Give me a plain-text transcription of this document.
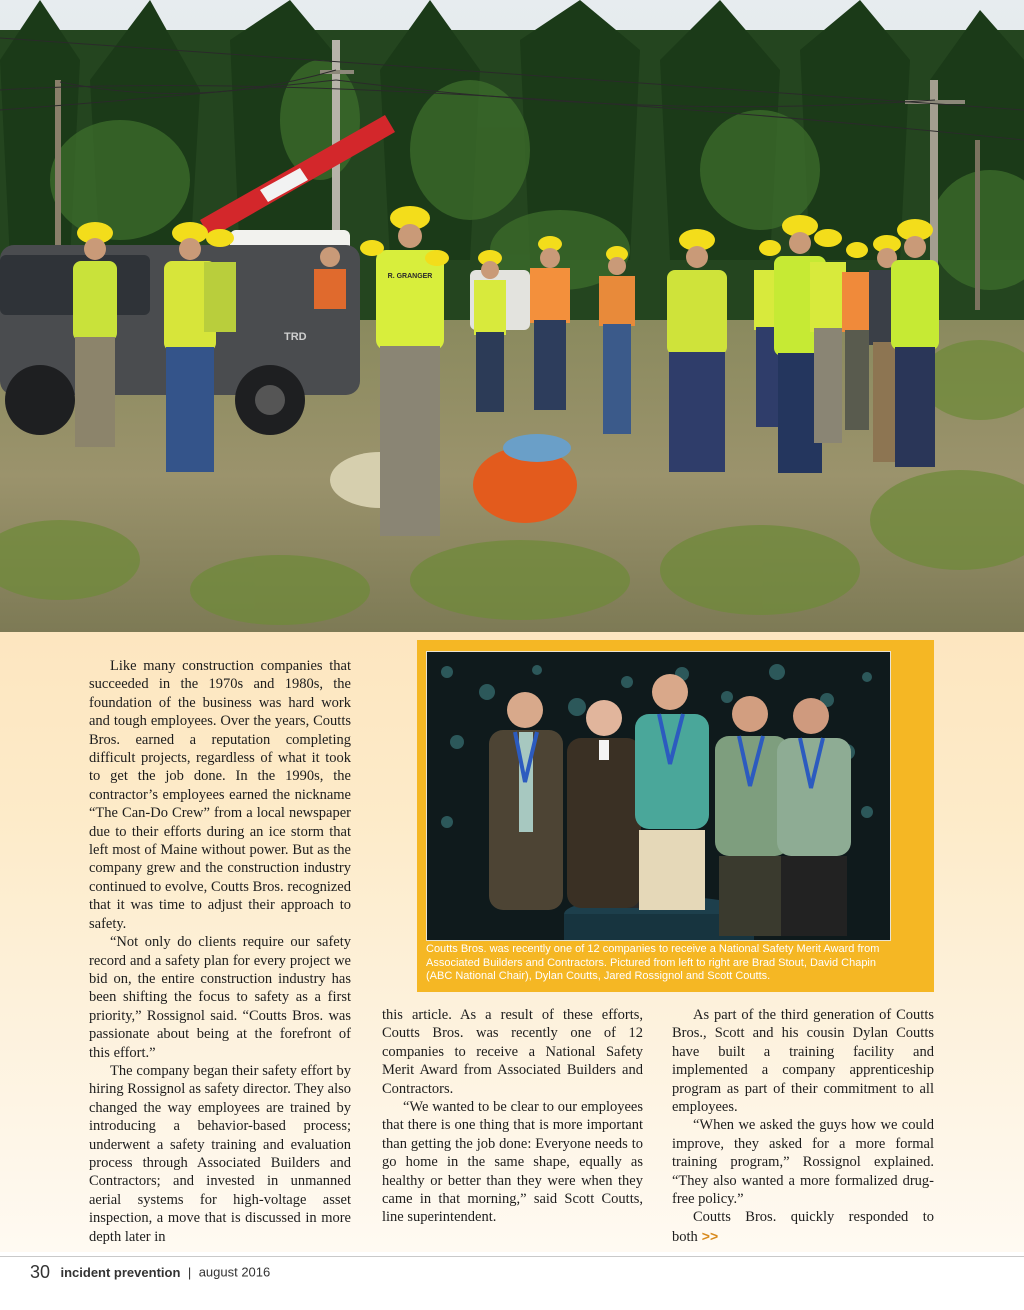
TRD
R. GRANGER

Like many construction companies that succeeded in the 1970s and 1980s, the foundation of the business was hard work and tough employees. Over the years, Coutts Bros. earned a reputation completing difficult projects, regardless of what it took to get the job done. In the 1990s, the contractor’s employees earned the nickname “The Can-Do Crew” from a local newspaper due to their efforts during an ice storm that left most of Maine without power. But as the company grew and the construction industry continued to evolve, Coutts Bros. recognized that it was time to adjust their approach to safety.

“Not only do clients require our safety record and a safety plan for every project we bid on, the entire construction industry has been shifting the focus to safety as a first priority,” Rossignol said. “Coutts Bros. was passionate about being at the forefront of this effort.”

The company began their safety effort by hiring Rossignol as safety director. They also changed the way employees are trained by introducing a behavior-based process; underwent a safety training and evaluation process through Associated Builders and Contractors; and invested in unmanned aerial systems for high-voltage asset inspection, a move that is discussed in more depth later in

Coutts Bros. was recently one of 12 companies to receive a National Safety Merit Award from Associated Builders and Contractors. Pictured from left to right are Brad Stout, David Chapin (ABC National Chair), Dylan Coutts, Jared Rossignol and Scott Coutts.

this article. As a result of these efforts, Coutts Bros. was recently one of 12 companies to receive a National Safety Merit Award from Associated Builders and Contractors.

“We wanted to be clear to our employees that there is one thing that is more important than getting the job done: Everyone needs to go home in the same shape, equally as healthy or better than they were when they came in that morning,” said Scott Coutts, line superintendent.

As part of the third generation of Coutts Bros., Scott and his cousin Dylan Coutts have built a training facility and implemented a company apprenticeship program as part of their commitment to all employees.

“When we asked the guys how we could improve, they asked for a more formal training program,” Rossignol explained. “They also wanted a more formalized drug-free policy.”

Coutts Bros. quickly responded to both >>

30 incident prevention | august 2016
